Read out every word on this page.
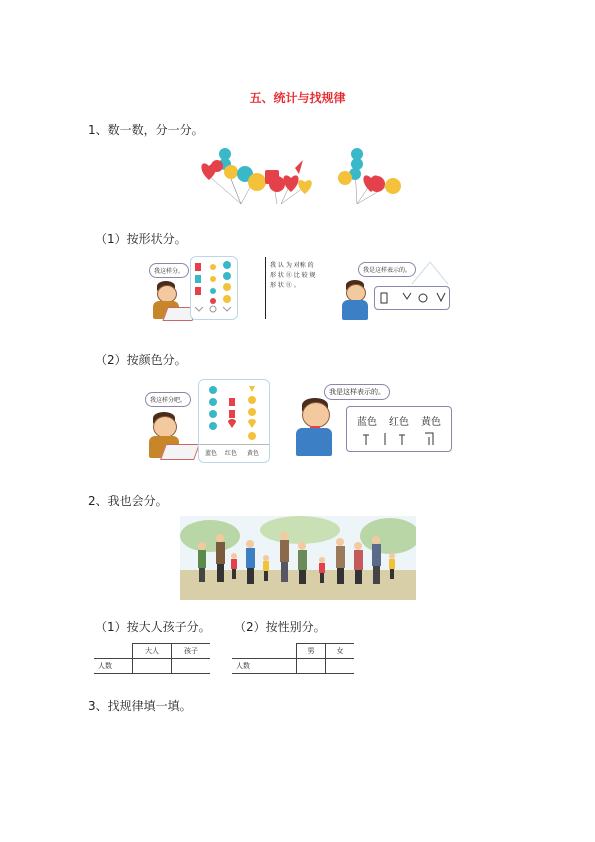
五、统计与找规律
1、数一数，分一分。
（1）按形状分。
我这样分。
我 认 为 对称 的
形 状 ⑪ 比 较 规
形 状 ⑪ 。
我是这样表示的。
（2）按颜色分。
我这样分吧。
蓝色 红色 黄色
我是这样表示的。
蓝色 红色 黄色
2、我也会分。
（1）按大人孩子分。 （2）按性别分。
	大人	孩子
人数		
	男	女
人数		
3、找规律填一填。
